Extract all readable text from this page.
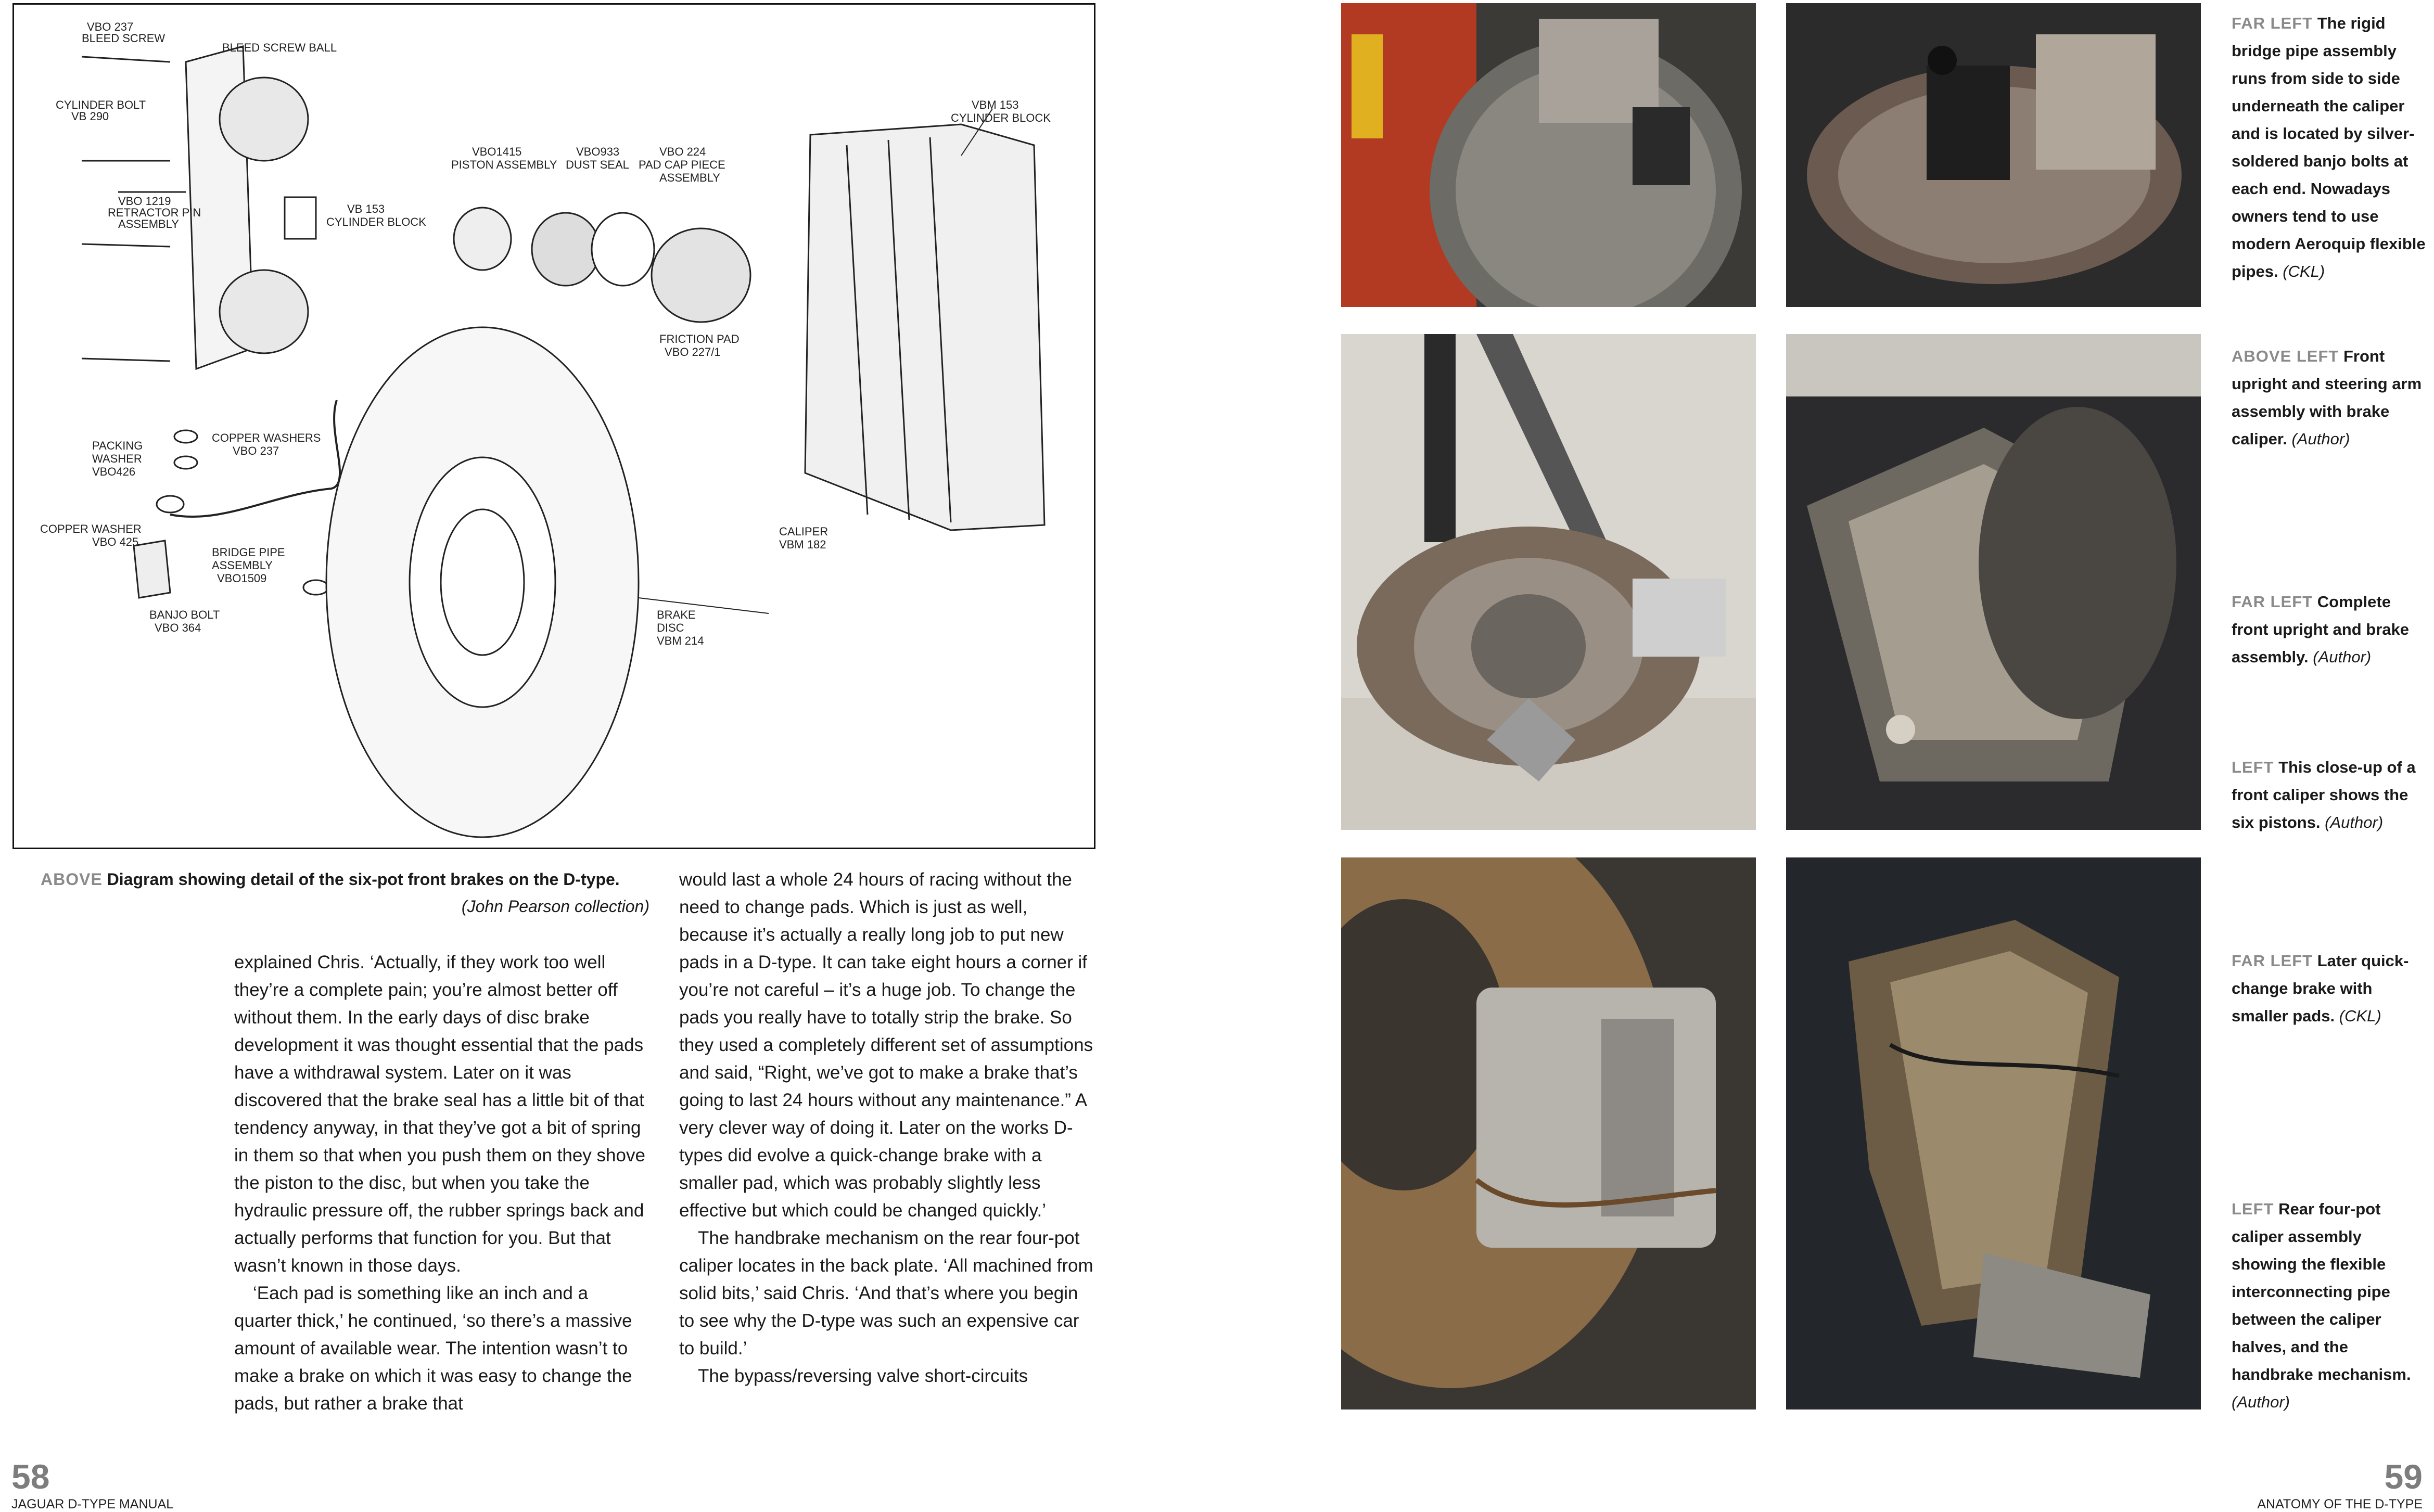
VBO 237
BLEED SCREW
BLEED SCREW BALL
CYLINDER BOLT
VB 290
VBO 1219
RETRACTOR PIN
ASSEMBLY
VB 153
CYLINDER BLOCK
VBO1415
PISTON ASSEMBLY
VBO933
DUST SEAL
VBO 224
PAD CAP PIECE
ASSEMBLY
FRICTION PAD
VBO 227/1
VBM 153
CYLINDER BLOCK
COPPER WASHERS
VBO 237
PACKING
WASHER
VBO426
COPPER WASHER
VBO 425
BRIDGE PIPE
ASSEMBLY
VBO1509
BANJO BOLT
VBO 364
CALIPER
VBM 182
BRAKE
DISC
VBM 214
ABOVE Diagram showing detail of the six-pot front brakes on the D-type.
(John Pearson collection)

explained Chris. ‘Actually, if they work too well they’re a complete pain; you’re almost better off without them. In the early days of disc brake development it was thought essential that the pads have a withdrawal system. Later on it was discovered that the brake seal has a little bit of that tendency anyway, in that they’ve got a bit of spring in them so that when you push them on they shove the piston to the disc, but when you take the hydraulic pressure off, the rubber springs back and actually performs that function for you. But that wasn’t known in those days.

‘Each pad is something like an inch and a quarter thick,’ he continued, ‘so there’s a massive amount of available wear. The intention wasn’t to make a brake on which it was easy to change the pads, but rather a brake that

would last a whole 24 hours of racing without the need to change pads. Which is just as well, because it’s actually a really long job to put new pads in a D-type. It can take eight hours a corner if you’re not careful – it’s a huge job. To change the pads you really have to totally strip the brake. So they used a completely different set of assumptions and said, “Right, we’ve got to make a brake that’s going to last 24 hours without any maintenance.” A very clever way of doing it. Later on the works D-types did evolve a quick-change brake with a smaller pad, which was probably slightly less effective but which could be changed quickly.’

The handbrake mechanism on the rear four-pot caliper locates in the back plate. ‘All machined from solid bits,’ said Chris. ‘And that’s where you begin to see why the D-type was such an expensive car to build.’

The bypass/reversing valve short-circuits

FAR LEFT The rigid bridge pipe assembly runs from side to side underneath the caliper and is located by silver-soldered banjo bolts at each end. Nowadays owners tend to use modern Aeroquip flexible pipes. (CKL)
ABOVE LEFT Front upright and steering arm assembly with brake caliper. (Author)
FAR LEFT Complete front upright and brake assembly. (Author)
LEFT This close-up of a front caliper shows the six pistons. (Author)
FAR LEFT Later quick-change brake with smaller pads. (CKL)
LEFT Rear four-pot caliper assembly showing the flexible interconnecting pipe between the caliper halves, and the handbrake mechanism. (Author)
58	59
JAGUAR D-TYPE MANUAL	ANATOMY OF THE D-TYPE
